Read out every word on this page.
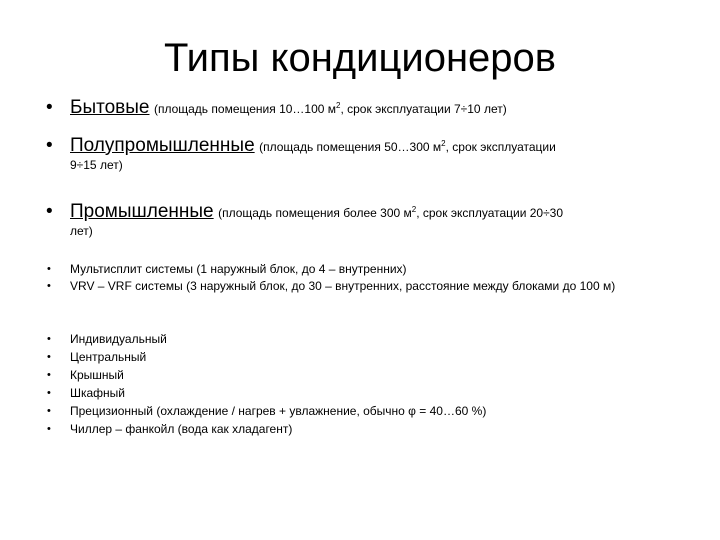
Типы кондиционеров
• Бытовые (площадь помещения 10…100 $м^2$, срок эксплуатации 7÷10 лет)
• Полупромышленные (площадь помещения 50…300 $м^2$, срок эксплуатации
9÷15 лет)
• Промышленные (площадь помещения более 300 $м^2$, срок эксплуатации 20÷30
лет)
• Мультисплит системы (1 наружный блок, до 4 – внутренних)
• VRV – VRF системы (3 наружный блок, до 30 – внутренних, расстояние между блоками до 100 м)
• Индивидуальный
• Центральный
• Крышный
• Шкафный
• Прецизионный (охлаждение / нагрев + увлажнение, обычно φ = 40…60 %)
• Чиллер – фанкойл (вода как хладагент)
